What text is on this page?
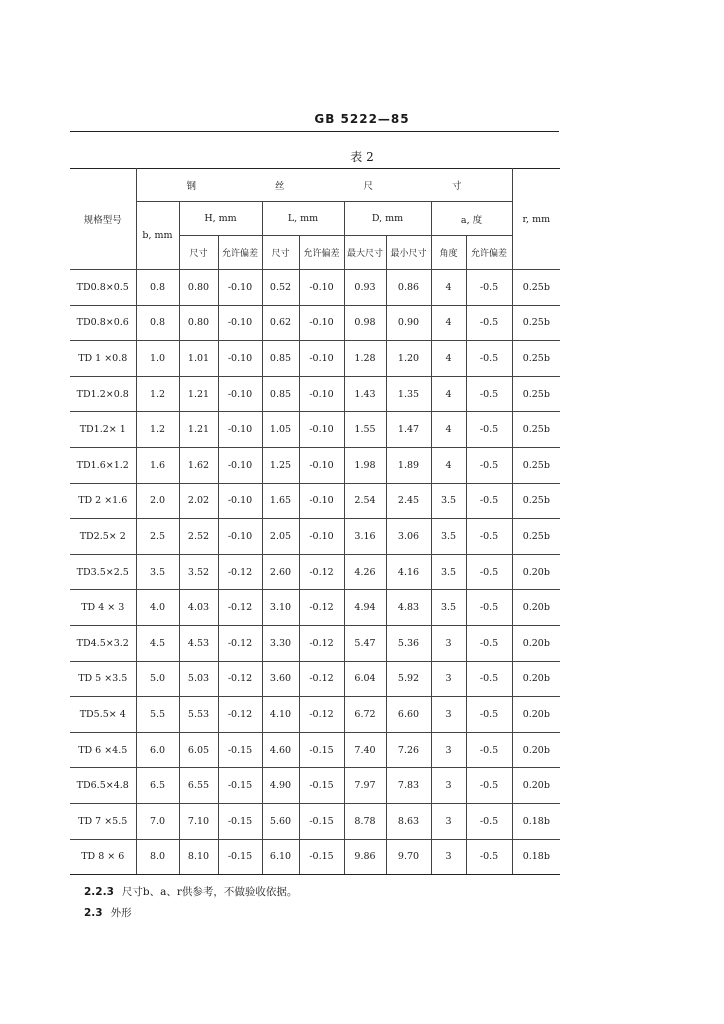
GB 5222—85
表 2
规格型号	钢 丝 尺 寸									r, mm
	b, mm	H, mm		L, mm		D, mm		a, 度		
		尺寸	允许偏差	尺寸	允许偏差	最大尺寸	最小尺寸	角度	允许偏差	
TD0.8×0.5	0.8	0.80	-0.10	0.52	-0.10	0.93	0.86	4	-0.5	0.25b
TD0.8×0.6	0.8	0.80	-0.10	0.62	-0.10	0.98	0.90	4	-0.5	0.25b
TD 1 ×0.8	1.0	1.01	-0.10	0.85	-0.10	1.28	1.20	4	-0.5	0.25b
TD1.2×0.8	1.2	1.21	-0.10	0.85	-0.10	1.43	1.35	4	-0.5	0.25b
TD1.2× 1	1.2	1.21	-0.10	1.05	-0.10	1.55	1.47	4	-0.5	0.25b
TD1.6×1.2	1.6	1.62	-0.10	1.25	-0.10	1.98	1.89	4	-0.5	0.25b
TD 2 ×1.6	2.0	2.02	-0.10	1.65	-0.10	2.54	2.45	3.5	-0.5	0.25b
TD2.5× 2	2.5	2.52	-0.10	2.05	-0.10	3.16	3.06	3.5	-0.5	0.25b
TD3.5×2.5	3.5	3.52	-0.12	2.60	-0.12	4.26	4.16	3.5	-0.5	0.20b
TD 4 × 3	4.0	4.03	-0.12	3.10	-0.12	4.94	4.83	3.5	-0.5	0.20b
TD4.5×3.2	4.5	4.53	-0.12	3.30	-0.12	5.47	5.36	3	-0.5	0.20b
TD 5 ×3.5	5.0	5.03	-0.12	3.60	-0.12	6.04	5.92	3	-0.5	0.20b
TD5.5× 4	5.5	5.53	-0.12	4.10	-0.12	6.72	6.60	3	-0.5	0.20b
TD 6 ×4.5	6.0	6.05	-0.15	4.60	-0.15	7.40	7.26	3	-0.5	0.20b
TD6.5×4.8	6.5	6.55	-0.15	4.90	-0.15	7.97	7.83	3	-0.5	0.20b
TD 7 ×5.5	7.0	7.10	-0.15	5.60	-0.15	8.78	8.63	3	-0.5	0.18b
TD 8 × 6	8.0	8.10	-0.15	6.10	-0.15	9.86	9.70	3	-0.5	0.18b
2.2.3 尺寸b、a、r供参考，不做验收依据。
2.3 外形
